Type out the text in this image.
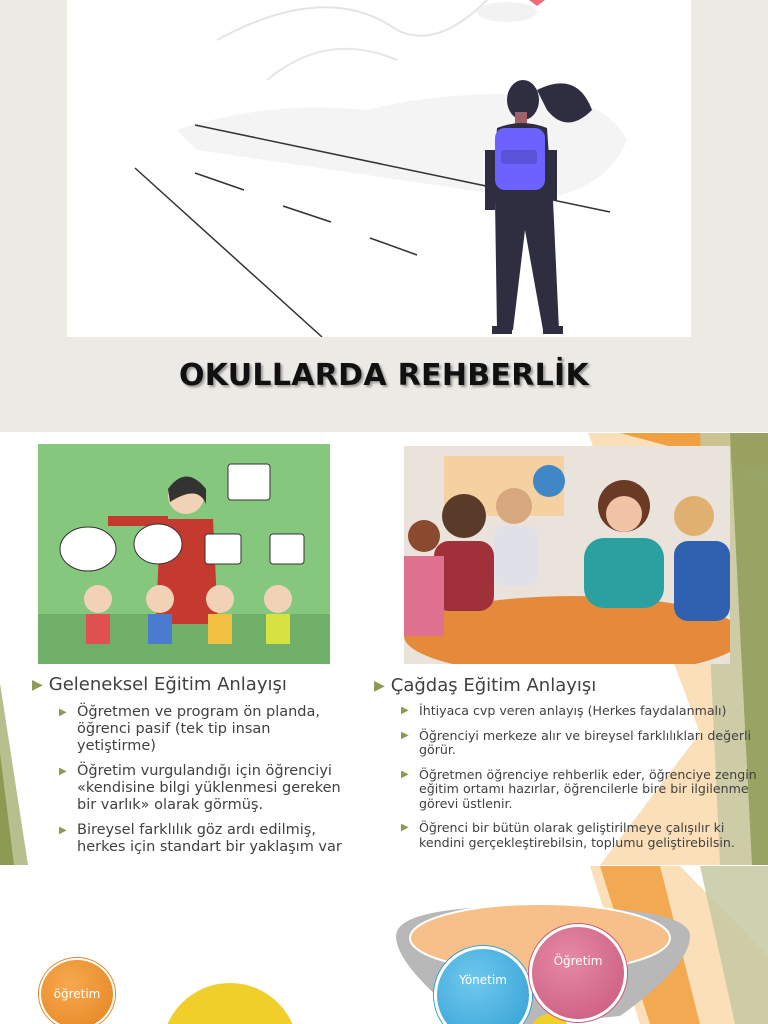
OKULLARDA REHBERLİK
▶ Geleneksel Eğitim Anlayışı
▶ Öğretmen ve program ön planda, öğrenci pasif (tek tip insan yetiştirme)
▶ Öğretim vurgulandığı için öğrenciyi «kendisine bilgi yüklenmesi gereken bir varlık» olarak görmüş.
▶ Bireysel farklılık göz ardı edilmiş, herkes için standart bir yaklaşım var
▶ Çağdaş Eğitim Anlayışı
▶ İhtiyaca cvp veren anlayış (Herkes faydalanmalı)
▶ Öğrenciyi merkeze alır ve bireysel farklılıkları değerli görür.
▶ Öğretmen öğrenciye rehberlik eder, öğrenciye zengin eğitim ortamı hazırlar, öğrencilerle bire bir ilgilenme görevi üstlenir.
▶ Öğrenci bir bütün olarak geliştirilmeye çalışılır ki kendini gerçekleştirebilsin, toplumu geliştirebilsin.
öğretim
Yönetim
Öğretim
